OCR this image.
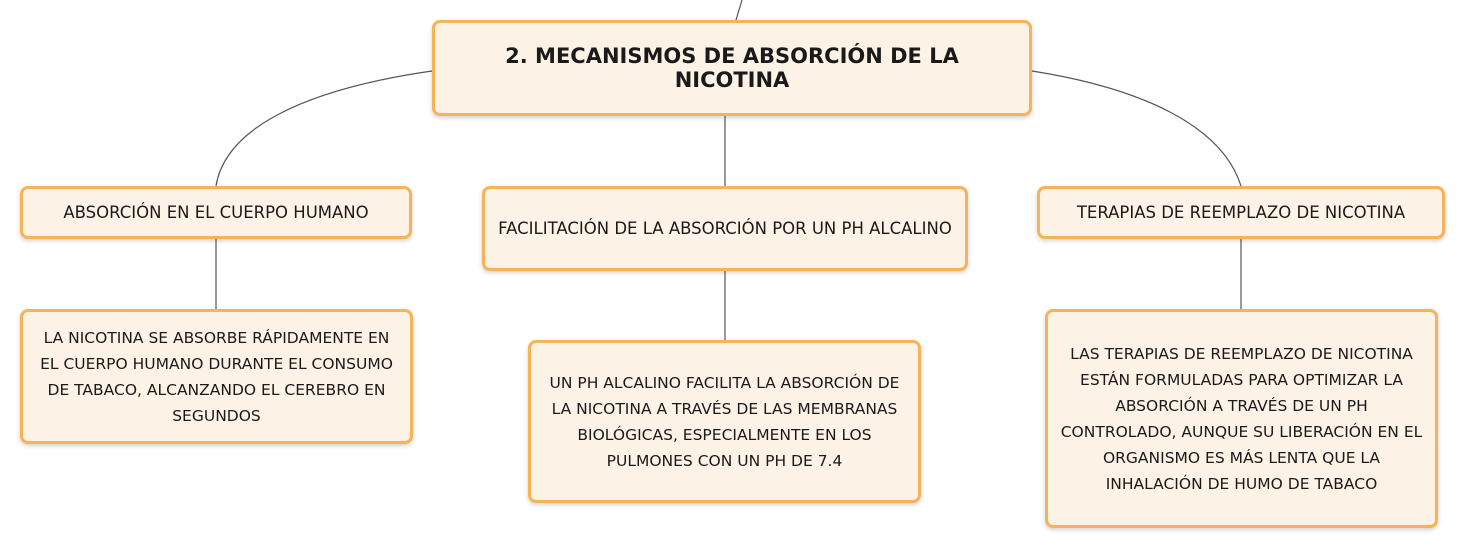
2. MECANISMOS DE ABSORCIÓN DE LA NICOTINA
ABSORCIÓN EN EL CUERPO HUMANO
FACILITACIÓN DE LA ABSORCIÓN POR UN PH ALCALINO
TERAPIAS DE REEMPLAZO DE NICOTINA
LA NICOTINA SE ABSORBE RÁPIDAMENTE EN EL CUERPO HUMANO DURANTE EL CONSUMO DE TABACO, ALCANZANDO EL CEREBRO EN SEGUNDOS
UN PH ALCALINO FACILITA LA ABSORCIÓN DE LA NICOTINA A TRAVÉS DE LAS MEMBRANAS BIOLÓGICAS, ESPECIALMENTE EN LOS PULMONES CON UN PH DE 7.4
LAS TERAPIAS DE REEMPLAZO DE NICOTINA ESTÁN FORMULADAS PARA OPTIMIZAR LA ABSORCIÓN A TRAVÉS DE UN PH CONTROLADO, AUNQUE SU LIBERACIÓN EN EL ORGANISMO ES MÁS LENTA QUE LA INHALACIÓN DE HUMO DE TABACO
